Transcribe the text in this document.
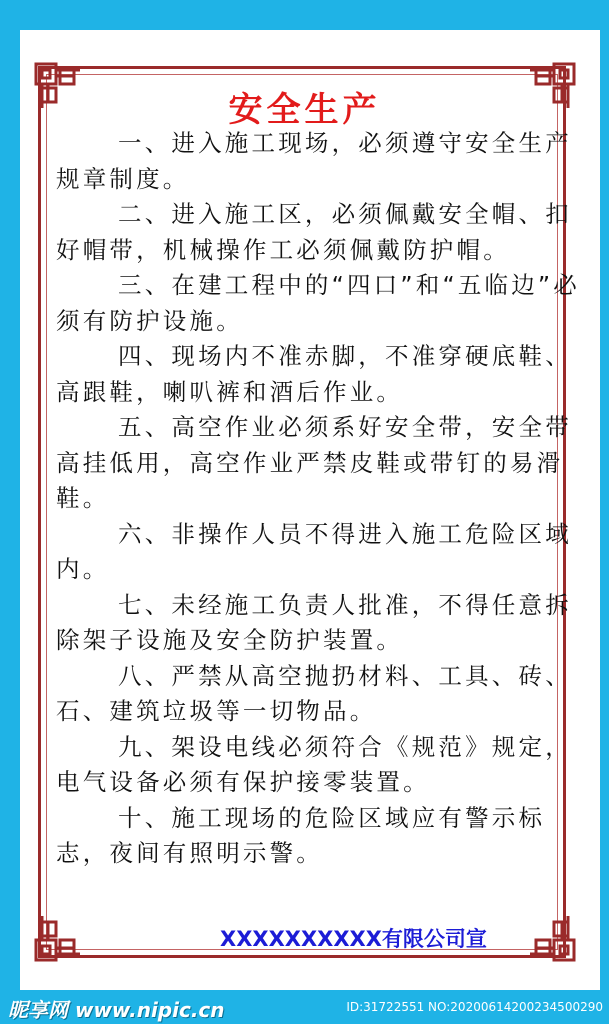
安全生产

一、进入施工现场，必须遵守安全生产规章制度。

二、进入施工区，必须佩戴安全帽、扣好帽带，机械操作工必须佩戴防护帽。

三、在建工程中的“四口”和“五临边”必须有防护设施。

四、现场内不准赤脚，不准穿硬底鞋、高跟鞋，喇叭裤和酒后作业。

五、高空作业必须系好安全带，安全带高挂低用，高空作业严禁皮鞋或带钉的易滑鞋。

六、非操作人员不得进入施工危险区域内。

七、未经施工负责人批准，不得任意拆除架子设施及安全防护装置。

八、严禁从高空抛扔材料、工具、砖、石、建筑垃圾等一切物品。

九、架设电线必须符合《规范》规定，电气设备必须有保护接零装置。

十、施工现场的危险区域应有警示标志，夜间有照明示警。

XXXXXXXXXX有限公司宣
昵享网 www.nipic.cn	ID:31722551 NO:20200614200234500290
